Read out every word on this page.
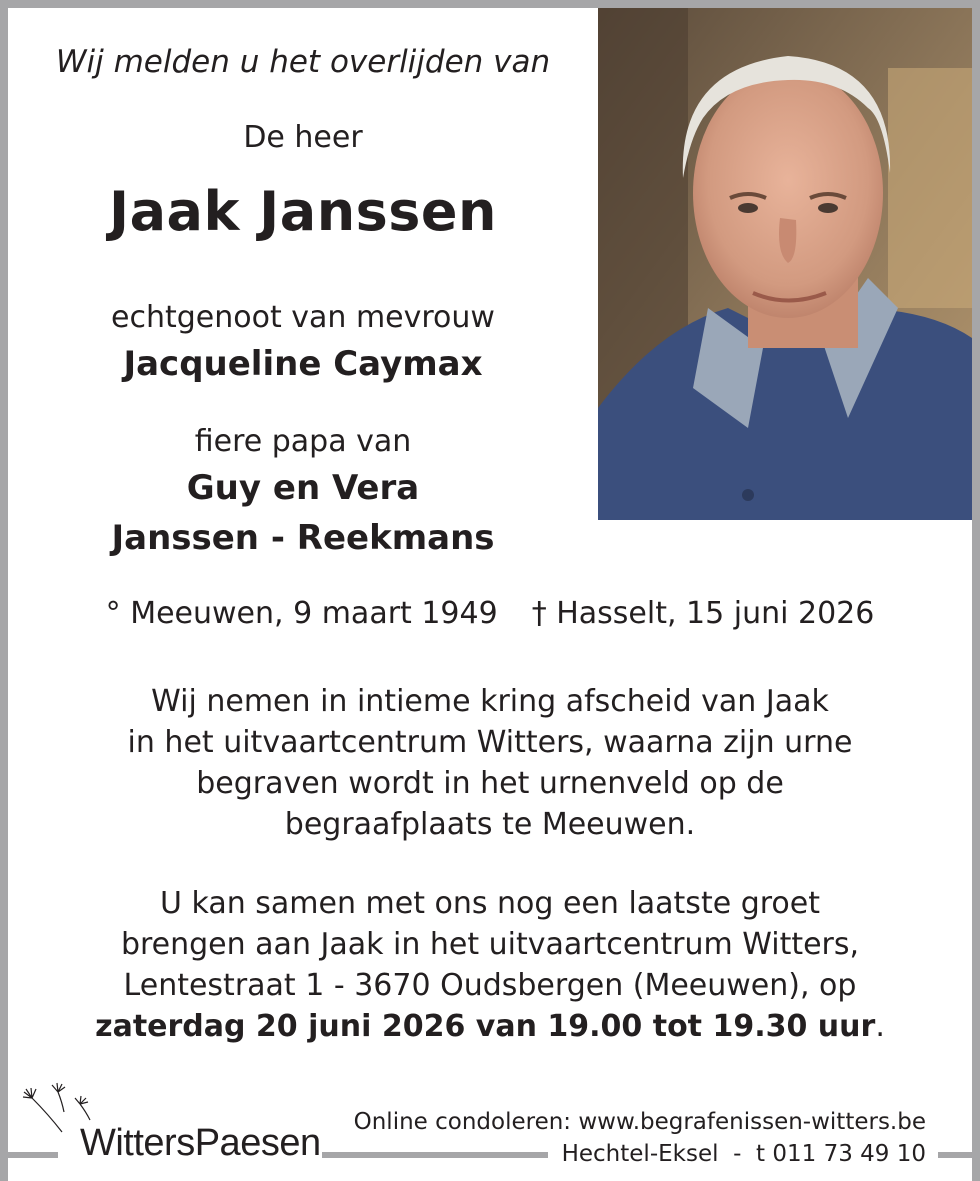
Wij melden u het overlijden van
De heer
Jaak Janssen
echtgenoot van mevrouw
Jacqueline Caymax
fiere papa van
Guy en Vera
Janssen - Reekmans
° Meeuwen, 9 maart 1949 † Hasselt, 15 juni 2026
Wij nemen in intieme kring afscheid van Jaak
in het uitvaartcentrum Witters, waarna zijn urne
begraven wordt in het urnenveld op de
begraafplaats te Meeuwen.
U kan samen met ons nog een laatste groet
brengen aan Jaak in het uitvaartcentrum Witters,
Lentestraat 1 - 3670 Oudsbergen (Meeuwen), op
zaterdag 20 juni 2026 van 19.00 tot 19.30 uur.
WittersPaesen Online condoleren: www.begrafenissen-witters.be
Hechtel-Eksel  -  t 011 73 49 10
